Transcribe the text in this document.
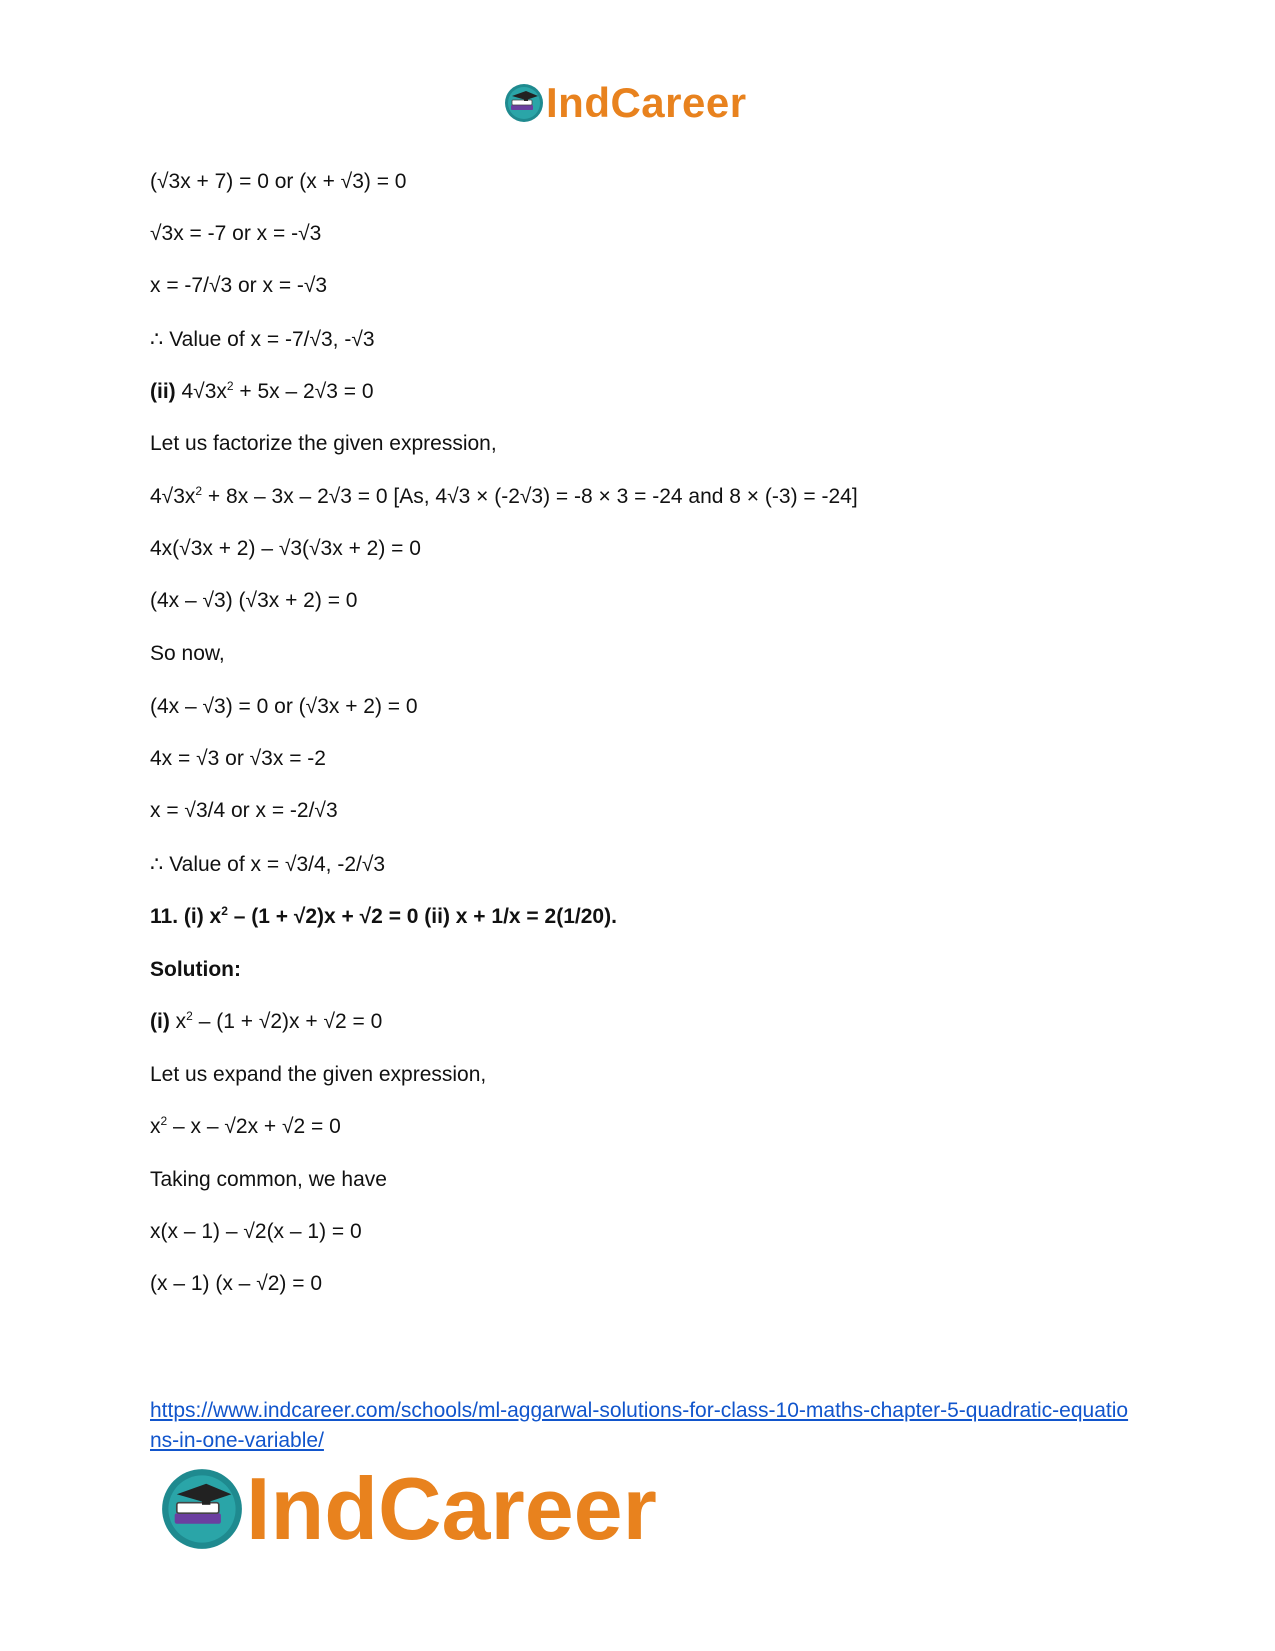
IndCareer
(√3x + 7) = 0 or (x + √3) = 0
√3x = -7 or x = -√3
x = -7/√3 or x = -√3
∴ Value of x = -7/√3, -√3
(ii) $4√3x^2 + 5x - 2√3 = 0$
Let us factorize the given expression,
$4√3x^2 + 8x - 3x - 2√3 = 0$ [As, 4√3 × (-2√3) = -8 × 3 = -24 and 8 × (-3) = -24]
4x(√3x + 2) – √3(√3x + 2) = 0
(4x – √3) (√3x + 2) = 0
So now,
(4x – √3) = 0 or (√3x + 2) = 0
4x = √3 or √3x = -2
x = √3/4 or x = -2/√3
∴ Value of x = √3/4, -2/√3
11. (i) $x^2 - (1 + √2)x + √2 = 0$ (ii) x + 1/x = 2(1/20).
Solution:
(i) $x^2 - (1 + √2)x + √2 = 0$
Let us expand the given expression,
$x^2 - x - √2x + √2 = 0$
Taking common, we have
x(x – 1) – √2(x – 1) = 0
(x – 1) (x – √2) = 0
https://www.indcareer.com/schools/ml-aggarwal-solutions-for-class-10-maths-chapter-5-quadratic-equations-in-one-variable/
IndCareer
